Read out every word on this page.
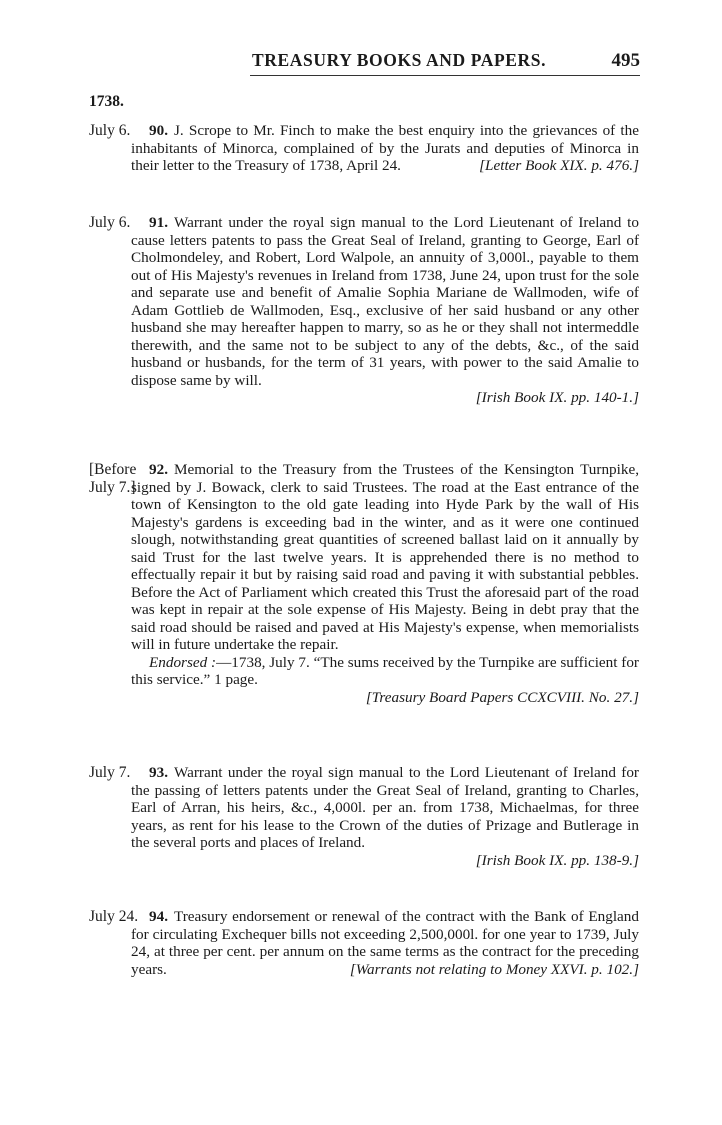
TREASURY BOOKS AND PAPERS.	495
1738.
July 6.	90. J. Scrope to Mr. Finch to make the best enquiry into the grievances of the inhabitants of Minorca, complained of by the Jurats and deputies of Minorca in their letter to the Treasury of 1738, April 24.	[Letter Book XIX. p. 476.]
July 6.	91. Warrant under the royal sign manual to the Lord Lieutenant of Ireland to cause letters patents to pass the Great Seal of Ireland, granting to George, Earl of Cholmondeley, and Robert, Lord Walpole, an annuity of 3,000l., payable to them out of His Majesty's revenues in Ireland from 1738, June 24, upon trust for the sole and separate use and benefit of Amalie Sophia Mariane de Wallmoden, wife of Adam Gottlieb de Wallmoden, Esq., exclusive of her said husband or any other husband she may hereafter happen to marry, so as he or they shall not intermeddle therewith, and the same not to be subject to any of the debts, &c., of the said husband or husbands, for the term of 31 years, with power to the said Amalie to dispose same by will.
[Irish Book IX. pp. 140-1.]
[Before
July 7.]
92. Memorial to the Treasury from the Trustees of the Kensington Turnpike, signed by J. Bowack, clerk to said Trustees. The road at the East entrance of the town of Kensington to the old gate leading into Hyde Park by the wall of His Majesty's gardens is exceeding bad in the winter, and as it were one continued slough, notwithstanding great quantities of screened ballast laid on it annually by said Trust for the last twelve years. It is apprehended there is no method to effectually repair it but by raising said road and paving it with substantial pebbles. Before the Act of Parliament which created this Trust the aforesaid part of the road was kept in repair at the sole expense of His Majesty. Being in debt pray that the said road should be raised and paved at His Majesty's expense, when memorialists will in future undertake the repair.
Endorsed :—1738, July 7. “The sums received by the Turnpike are sufficient for this service.” 1 page.
[Treasury Board Papers CCXCVIII. No. 27.]
July 7.	93. Warrant under the royal sign manual to the Lord Lieutenant of Ireland for the passing of letters patents under the Great Seal of Ireland, granting to Charles, Earl of Arran, his heirs, &c., 4,000l. per an. from 1738, Michaelmas, for three years, as rent for his lease to the Crown of the duties of Prizage and Butlerage in the several ports and places of Ireland.
[Irish Book IX. pp. 138-9.]
July 24. 94. Treasury endorsement or renewal of the contract with the Bank of England for circulating Exchequer bills not exceeding 2,500,000l. for one year to 1739, July 24, at three per cent. per annum on the same terms as the contract for the preceding years.	[Warrants not relating to Money XXVI. p. 102.]
